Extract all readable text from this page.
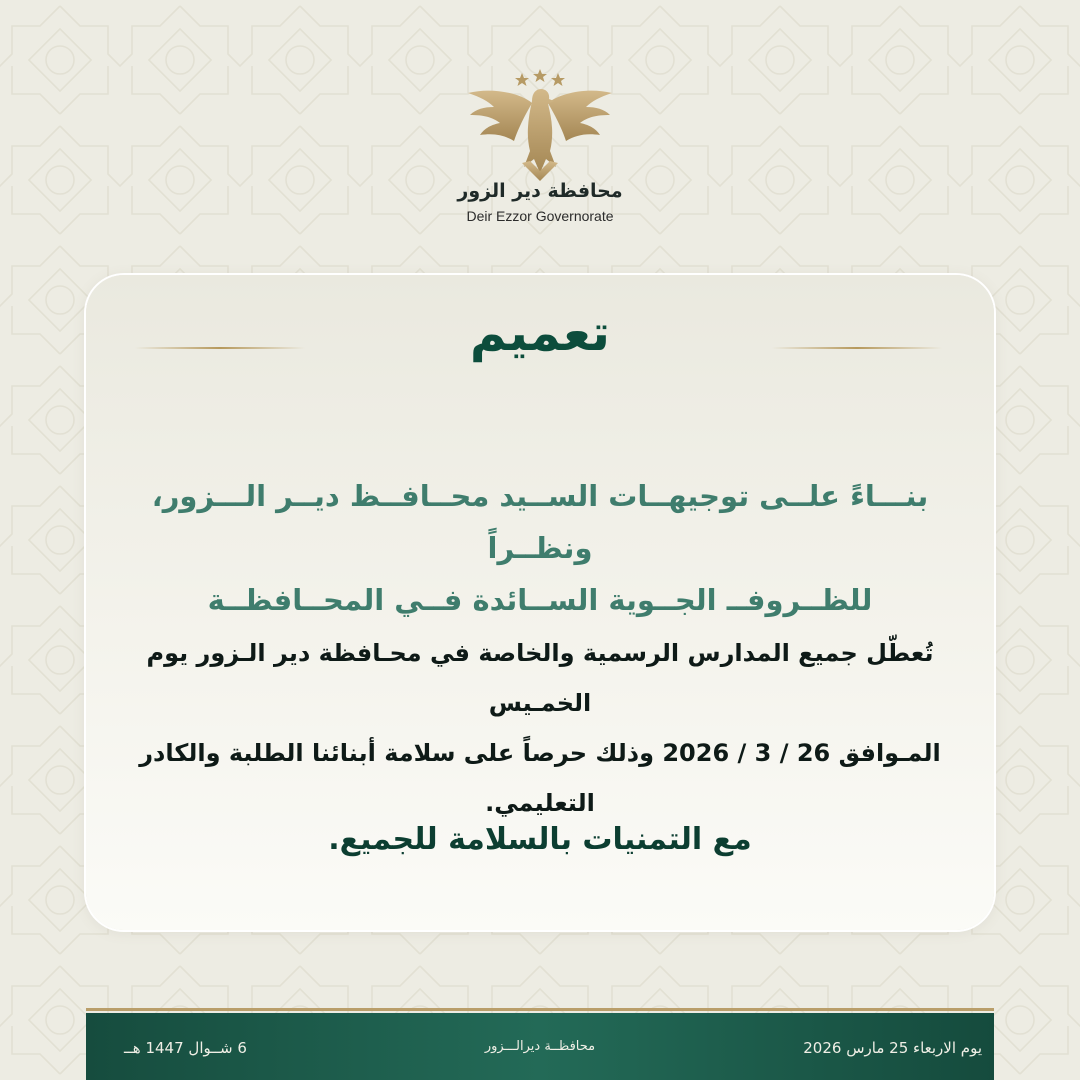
محافظة دير الزور
Deir Ezzor Governorate
تعميم
بنـــاءً علــى توجيهــات الســيد محــافــظ ديــر الـــزور، ونظــراً
للظــروفــ الجــوية الســائدة فــي المحــافظــة
تُعطّل جميع المدارس الرسمية والخاصة في محـافظة دير الـزور يوم الخمـيس
المـوافق 26 / 3 / 2026 وذلك حرصاً على سلامة أبنائنا الطلبة والكادر التعليمي.
مع التمنيات بالسلامة للجميع.
يوم الاربعاء 25 مارس 2026
محافظــة ديرالـــزور
6 شــوال 1447 هــ
